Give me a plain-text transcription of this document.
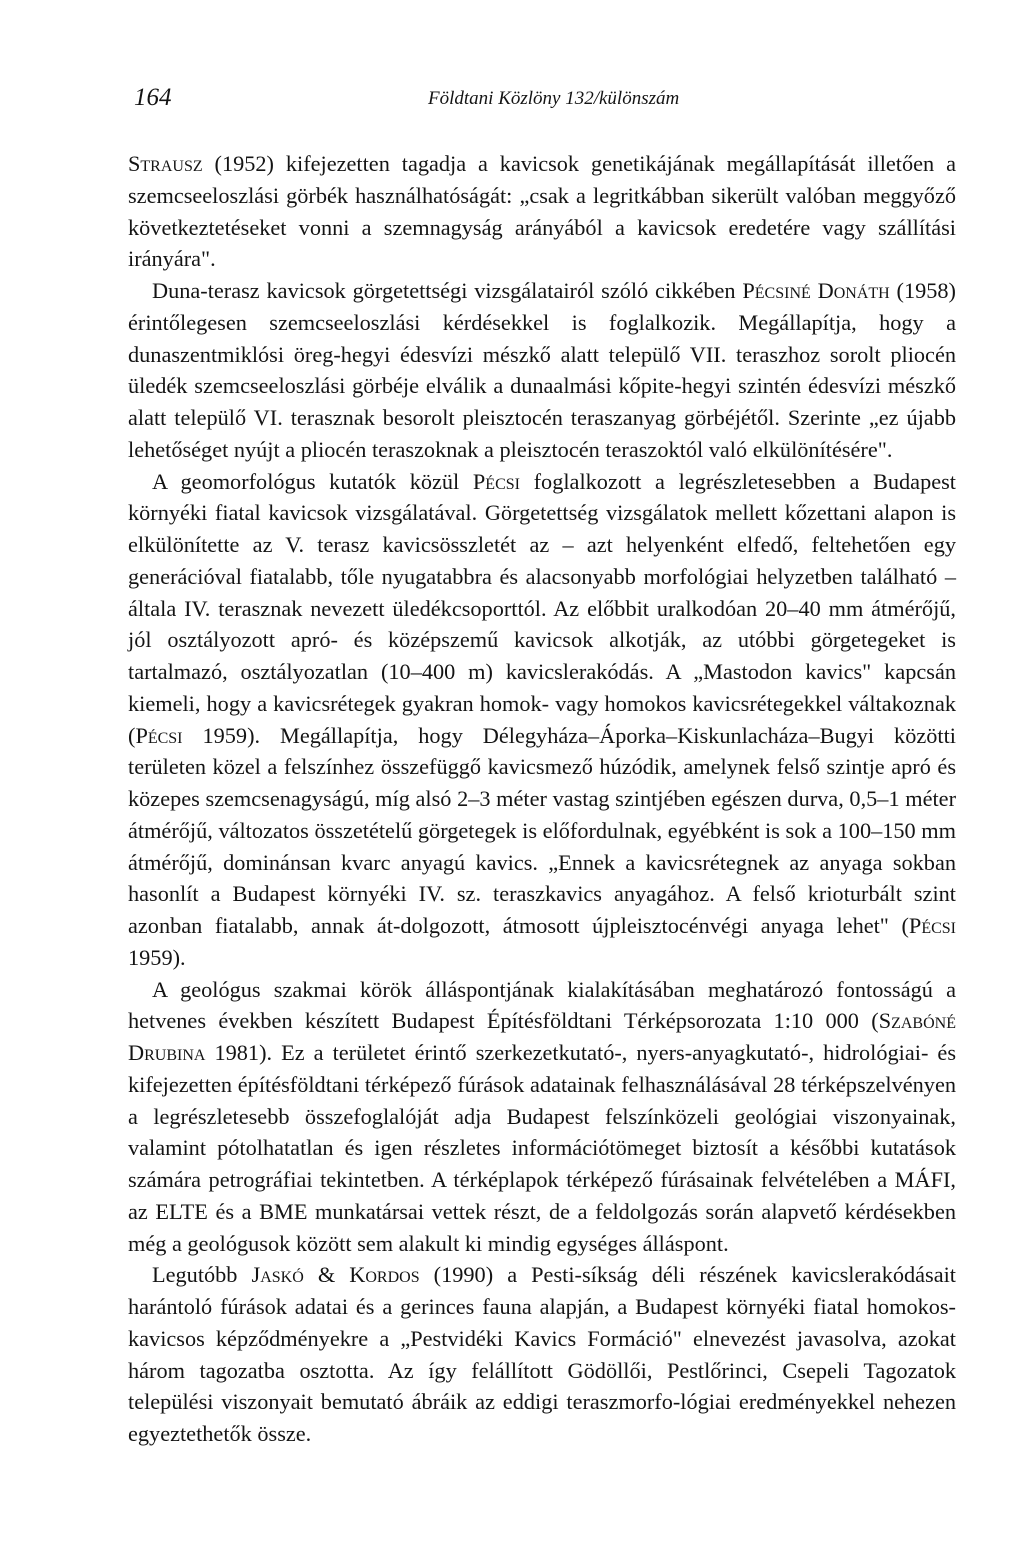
164	Földtani Közlöny 132/különszám

Strausz (1952) kifejezetten tagadja a kavicsok genetikájának megállapítását illetően a szemcseeloszlási görbék használhatóságát: „csak a legritkábban sikerült valóban meggyőző következtetéseket vonni a szemnagyság arányából a kavicsok eredetére vagy szállítási irányára".

Duna-terasz kavicsok görgetettségi vizsgálatairól szóló cikkében Pécsiné Donáth (1958) érintőlegesen szemcseeloszlási kérdésekkel is foglalkozik. Megállapítja, hogy a dunaszentmiklósi öreg-hegyi édesvízi mészkő alatt települő VII. teraszhoz sorolt pliocén üledék szemcseeloszlási görbéje elválik a dunaalmási kőpite-hegyi szintén édesvízi mészkő alatt települő VI. terasznak besorolt pleisztocén teraszanyag görbéjétől. Szerinte „ez újabb lehetőséget nyújt a pliocén teraszoknak a pleisztocén teraszoktól való elkülönítésére".

A geomorfológus kutatók közül Pécsi foglalkozott a legrészletesebben a Budapest környéki fiatal kavicsok vizsgálatával. Görgetettség vizsgálatok mellett kőzettani alapon is elkülönítette az V. terasz kavicsösszletét az – azt helyenként elfedő, feltehetően egy generációval fiatalabb, tőle nyugatabbra és alacsonyabb morfológiai helyzetben található – általa IV. terasznak nevezett üledékcsoporttól. Az előbbit uralkodóan 20–40 mm átmérőjű, jól osztályozott apró- és középszemű kavicsok alkotják, az utóbbi görgetegeket is tartalmazó, osztályozatlan (10–400 m) kavicslerakódás. A „Mastodon kavics" kapcsán kiemeli, hogy a kavicsrétegek gyakran homok- vagy homokos kavicsrétegekkel váltakoznak (Pécsi 1959). Megállapítja, hogy Délegyháza–Áporka–Kiskunlacháza–Bugyi közötti területen közel a felszínhez összefüggő kavicsmező húzódik, amelynek felső szintje apró és közepes szemcsenagyságú, míg alsó 2–3 méter vastag szintjében egészen durva, 0,5–1 méter átmérőjű, változatos összetételű görgetegek is előfordulnak, egyébként is sok a 100–150 mm átmérőjű, dominánsan kvarc anyagú kavics. „Ennek a kavicsrétegnek az anyaga sokban hasonlít a Budapest környéki IV. sz. teraszkavics anyagához. A felső krioturbált szint azonban fiatalabb, annak át-dolgozott, átmosott újpleisztocénvégi anyaga lehet" (Pécsi 1959).

A geológus szakmai körök álláspontjának kialakításában meghatározó fontosságú a hetvenes években készített Budapest Építésföldtani Térképsorozata 1:10 000 (Szabóné Drubina 1981). Ez a területet érintő szerkezetkutató-, nyers-anyagkutató-, hidrológiai- és kifejezetten építésföldtani térképező fúrások adatainak felhasználásával 28 térképszelvényen a legrészletesebb összefoglalóját adja Budapest felszínközeli geológiai viszonyainak, valamint pótolhatatlan és igen részletes információtömeget biztosít a későbbi kutatások számára petrográfiai tekintetben. A térképlapok térképező fúrásainak felvételében a MÁFI, az ELTE és a BME munkatársai vettek részt, de a feldolgozás során alapvető kérdésekben még a geológusok között sem alakult ki mindig egységes álláspont.

Legutóbb Jaskó & Kordos (1990) a Pesti-síkság déli részének kavicslerakódásait harántoló fúrások adatai és a gerinces fauna alapján, a Budapest környéki fiatal homokos-kavicsos képződményekre a „Pestvidéki Kavics Formáció" elnevezést javasolva, azokat három tagozatba osztotta. Az így felállított Gödöllői, Pestlőrinci, Csepeli Tagozatok települési viszonyait bemutató ábráik az eddigi teraszmorfo-lógiai eredményekkel nehezen egyeztethetők össze.
